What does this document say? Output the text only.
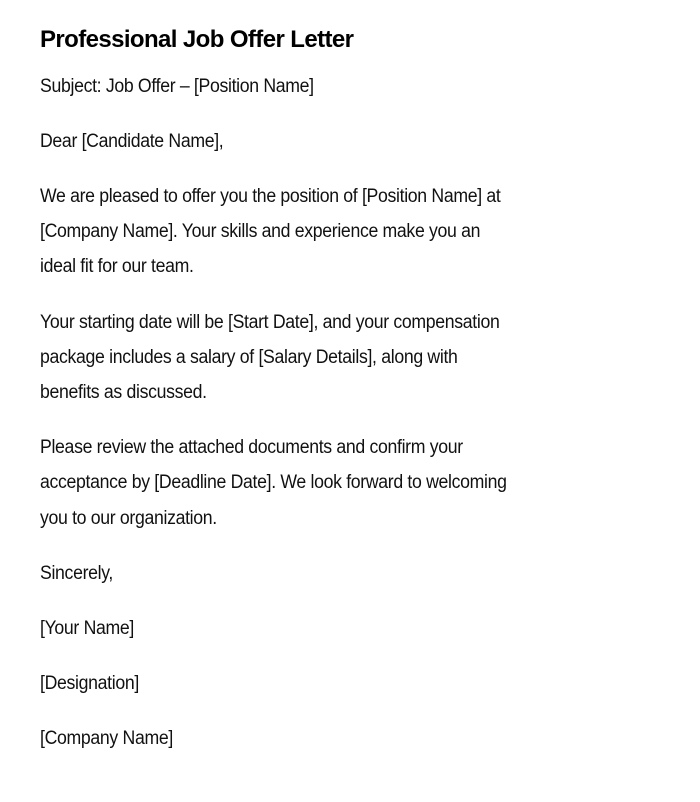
Professional Job Offer Letter
Subject: Job Offer – [Position Name]
Dear [Candidate Name],
We are pleased to offer you the position of [Position Name] at
[Company Name]. Your skills and experience make you an
ideal fit for our team.
Your starting date will be [Start Date], and your compensation
package includes a salary of [Salary Details], along with
benefits as discussed.
Please review the attached documents and confirm your
acceptance by [Deadline Date]. We look forward to welcoming
you to our organization.
Sincerely,
[Your Name]
[Designation]
[Company Name]
